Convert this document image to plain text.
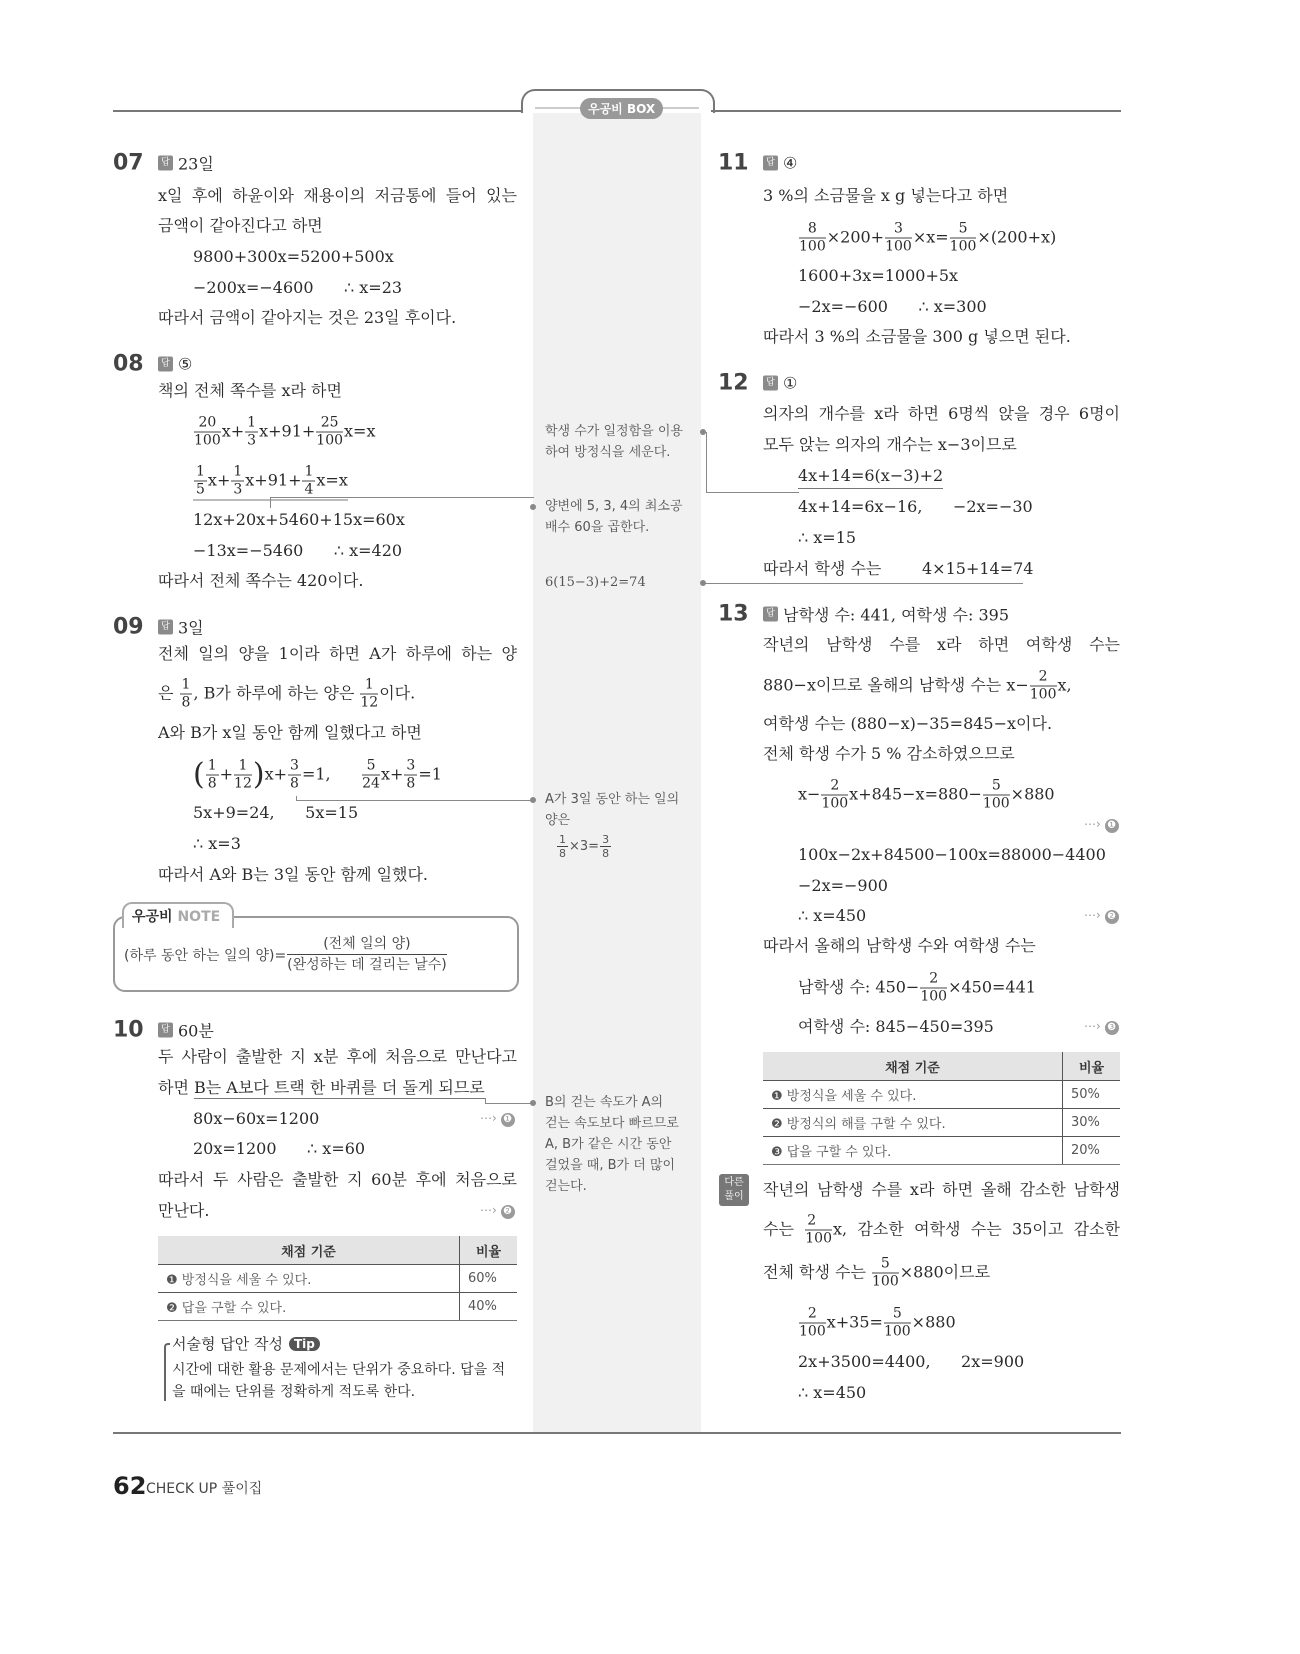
우공비 BOX
07	답 23일
x일 후에 하윤이와 재용이의 저금통에 들어 있는
금액이 같아진다고 하면
9800+300x=5200+500x
−200x=−4600      ∴ x=23
따라서 금액이 같아지는 것은 23일 후이다.
08	답 ⑤
책의 전체 쪽수를 x라 하면
$\frac{20}{100} x+ \frac{1}{3} x+91+ \frac{25}{100} x=x$
$\frac{1}{5} x+ \frac{1}{3} x+91+ \frac{1}{4} x=x$
12x+20x+5460+15x=60x
−13x=−5460      ∴ x=420
따라서 전체 쪽수는 420이다.
09	답 3일
전체 일의 양을 1이라 하면 A가 하루에 하는 양
은 $\frac{1}{8}$ , B가 하루에 하는 양은 $\frac{1}{12}$ 이다.
A와 B가 x일 동안 함께 일했다고 하면
( $\frac{1}{8} + \frac{1}{12} )x+ \frac{3}{8} =1$, $\frac{5}{24} x+ \frac{3}{8} =1$
5x+9=24,      5x=15
∴ x=3
따라서 A와 B는 3일 동안 함께 일했다.
우공비 NOTE
(하루 동안 하는 일의 양)=
(전체 일의 양)
(완성하는 데 걸리는 날수)
10	답 60분
두 사람이 출발한 지 x분 후에 처음으로 만난다고
하면 B는 A보다 트랙 한 바퀴를 더 돌게 되므로
80x−60x=1200	⋯› ❶
20x=1200      ∴ x=60
따라서 두 사람은 출발한 지 60분 후에 처음으로
만난다.	⋯› ❷
채점 기준	비율
❶ 방정식을 세울 수 있다.	60%
❷ 답을 구할 수 있다.	40%
서술형 답안 작성 Tip
시간에 대한 활용 문제에서는 단위가 중요하다. 답을 적
을 때에는 단위를 정확하게 적도록 한다.
학생 수가 일정함을 이용
하여 방정식을 세운다.
양변에 5, 3, 4의 최소공
배수 60을 곱한다.
6(15−3)+2=74
A가 3일 동안 하는 일의
양은
$\frac{1}{8} \times 3= \frac{3}{8}$
B의 걷는 속도가 A의
걷는 속도보다 빠르므로
A, B가 같은 시간 동안
걸었을 때, B가 더 많이
걷는다.
11	답 ④
3 %의 소금물을 x g 넣는다고 하면
$\frac{8}{100} \times 200+ \frac{3}{100} \times x= \frac{5}{100} \times(200+x)$
1600+3x=1000+5x
−2x=−600      ∴ x=300
따라서 3 %의 소금물을 300 g 넣으면 된다.
12	답 ①
의자의 개수를 x라 하면 6명씩 앉을 경우 6명이
모두 앉는 의자의 개수는 x−3이므로
4x+14=6(x−3)+2
4x+14=6x−16,      −2x=−30
∴ x=15
따라서 학생 수는	4×15+14=74
13	답 남학생 수: 441, 여학생 수: 395
작년의 남학생 수를 x라 하면 여학생 수는
880−x이므로 올해의 남학생 수는 $x- \frac{2}{100} x$,
여학생 수는 (880−x)−35=845−x이다.
전체 학생 수가 5 % 감소하였으므로
$x- \frac{2}{100} x+845-x=880- \frac{5}{100} \times 880$
⋯› ❶
100x−2x+84500−100x=88000−4400
−2x=−900
∴ x=450	⋯› ❷
따라서 올해의 남학생 수와 여학생 수는
남학생 수: $450- \frac{2}{100} \times 450=441$
여학생 수: 845−450=395	⋯› ❸
채점 기준	비율
❶ 방정식을 세울 수 있다.	50%
❷ 방정식의 해를 구할 수 있다.	30%
❸ 답을 구할 수 있다.	20%
다른
풀이	작년의 남학생 수를 x라 하면 올해 감소한 남학생
수는 $\frac{2}{100} x$, 감소한 여학생 수는 35이고 감소한
전체 학생 수는 $\frac{5}{100} \times 880$이므로
$\frac{2}{100} x+35= \frac{5}{100} \times 880$
2x+3500=4400,      2x=900
∴ x=450
62 CHECK UP 풀이집
